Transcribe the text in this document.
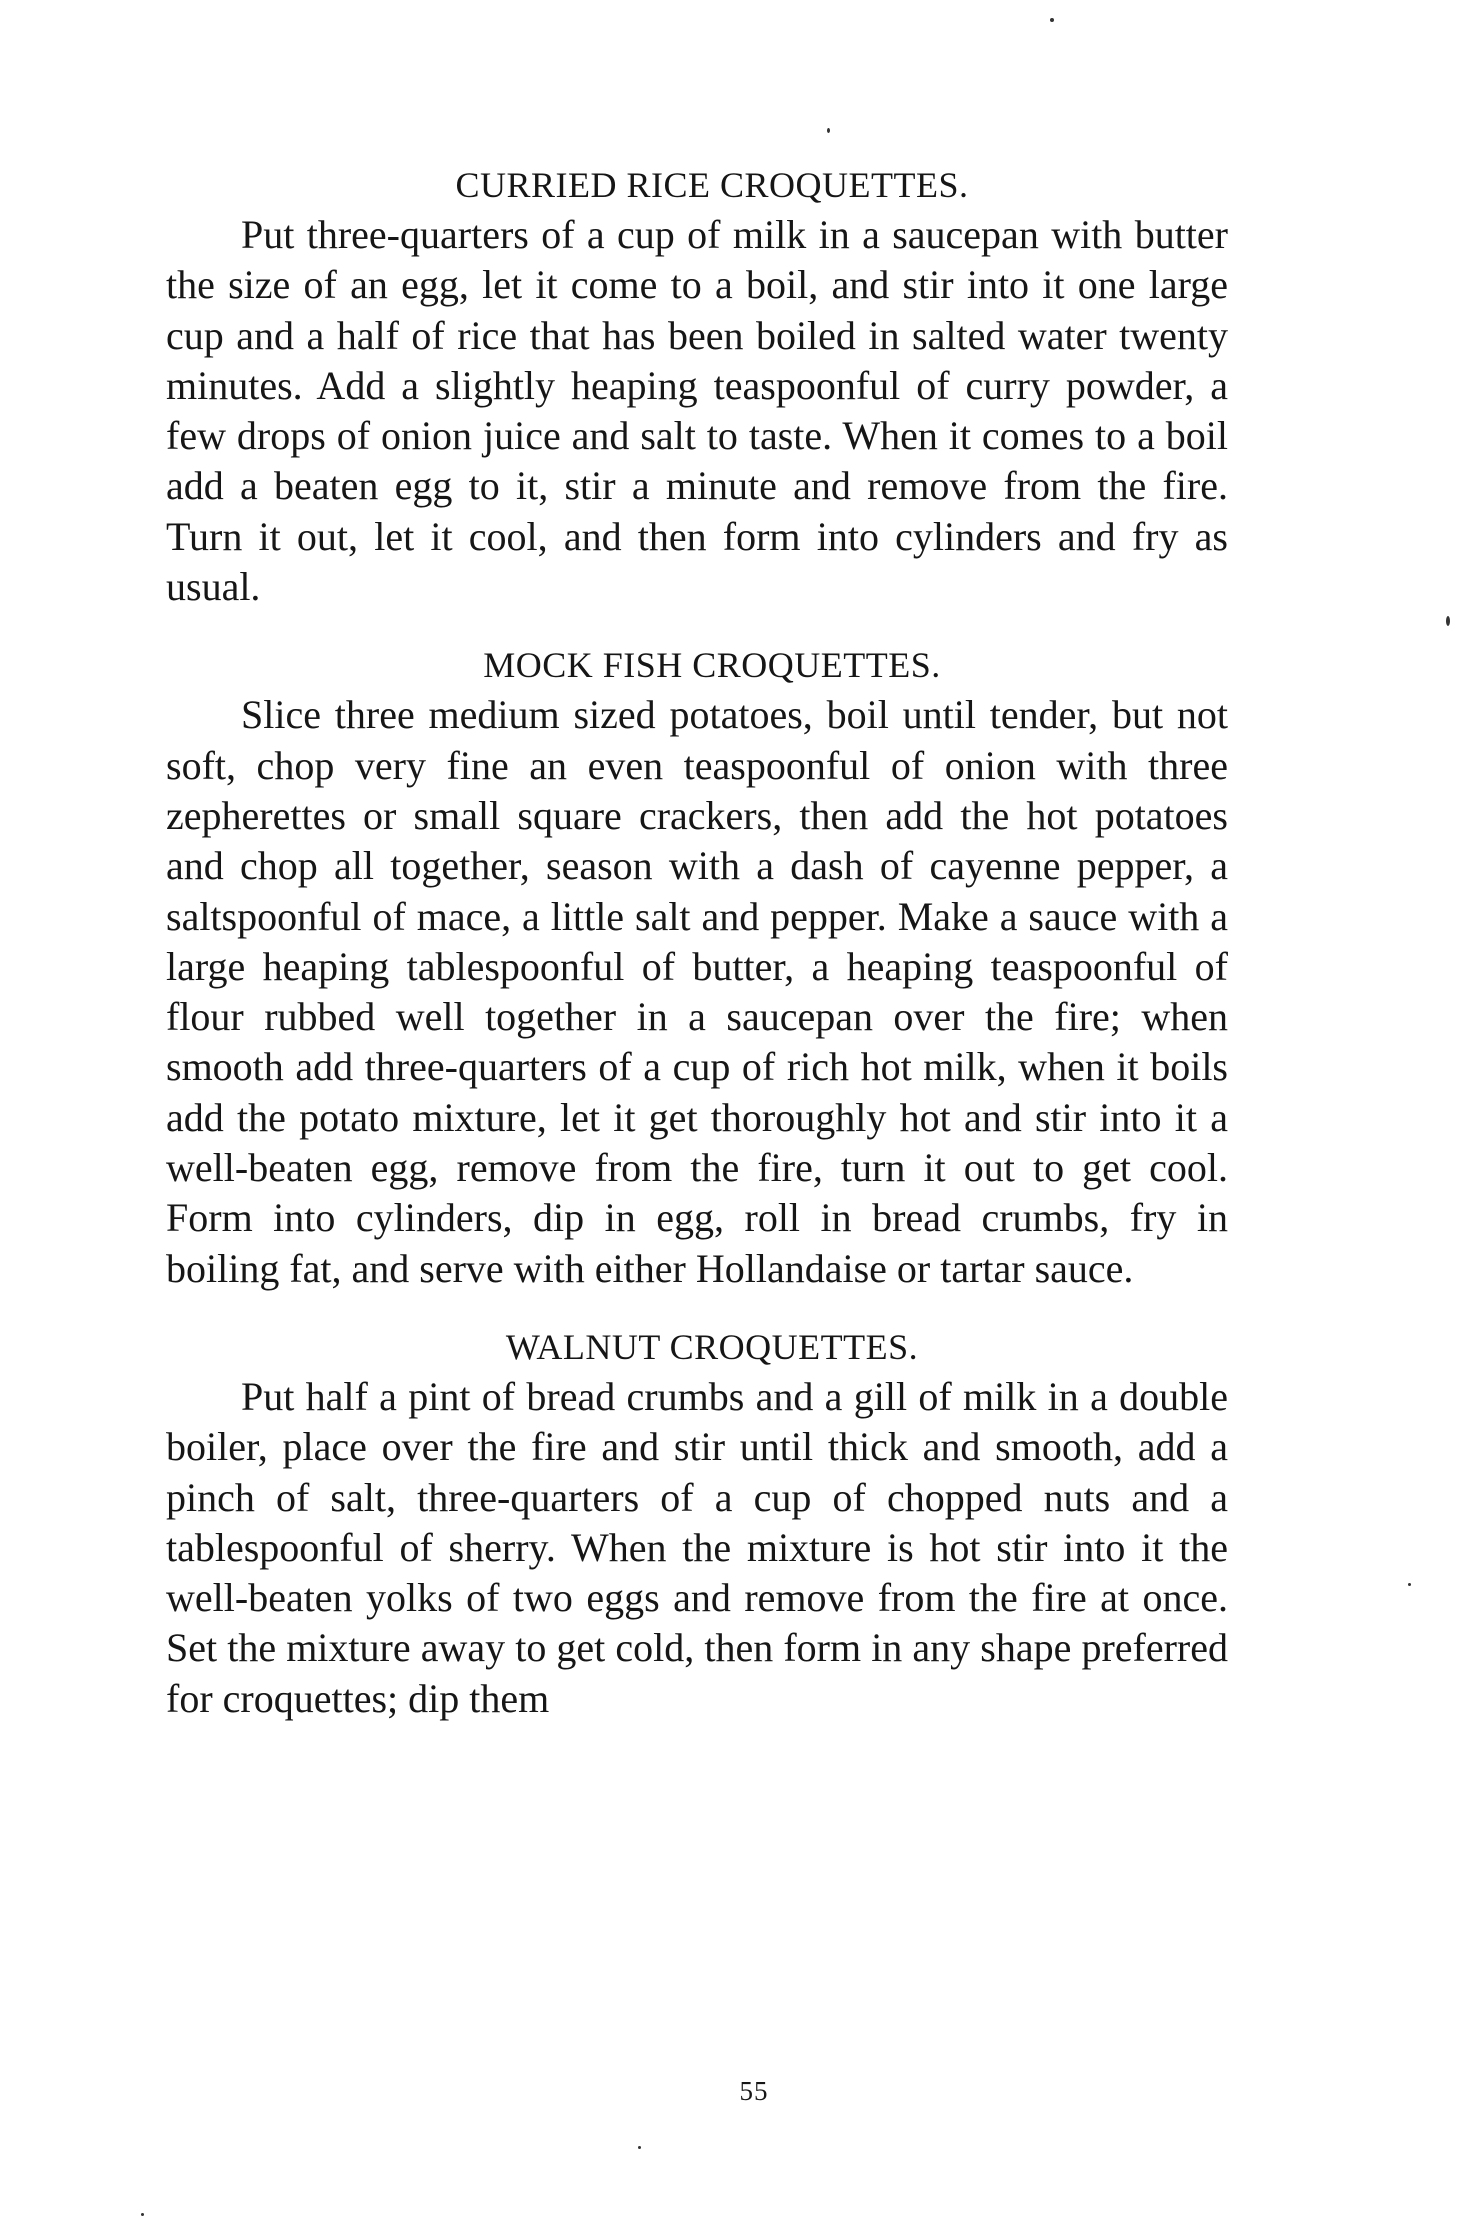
CURRIED RICE CROQUETTES.

Put three-quarters of a cup of milk in a saucepan with butter the size of an egg, let it come to a boil, and stir into it one large cup and a half of rice that has been boiled in salted water twenty minutes. Add a slightly heaping teaspoonful of curry powder, a few drops of onion juice and salt to taste. When it comes to a boil add a beaten egg to it, stir a minute and remove from the fire. Turn it out, let it cool, and then form into cylinders and fry as usual.

MOCK FISH CROQUETTES.

Slice three medium sized potatoes, boil until tender, but not soft, chop very fine an even teaspoonful of onion with three zepherettes or small square crackers, then add the hot potatoes and chop all together, season with a dash of cayenne pepper, a saltspoonful of mace, a little salt and pepper. Make a sauce with a large heaping tablespoonful of butter, a heaping teaspoonful of flour rubbed well together in a saucepan over the fire; when smooth add three-quarters of a cup of rich hot milk, when it boils add the potato mixture, let it get thoroughly hot and stir into it a well-beaten egg, remove from the fire, turn it out to get cool. Form into cylinders, dip in egg, roll in bread crumbs, fry in boiling fat, and serve with either Hollandaise or tartar sauce.

WALNUT CROQUETTES.

Put half a pint of bread crumbs and a gill of milk in a double boiler, place over the fire and stir until thick and smooth, add a pinch of salt, three-quarters of a cup of chopped nuts and a tablespoonful of sherry. When the mixture is hot stir into it the well-beaten yolks of two eggs and remove from the fire at once. Set the mixture away to get cold, then form in any shape preferred for croquettes; dip them

55
